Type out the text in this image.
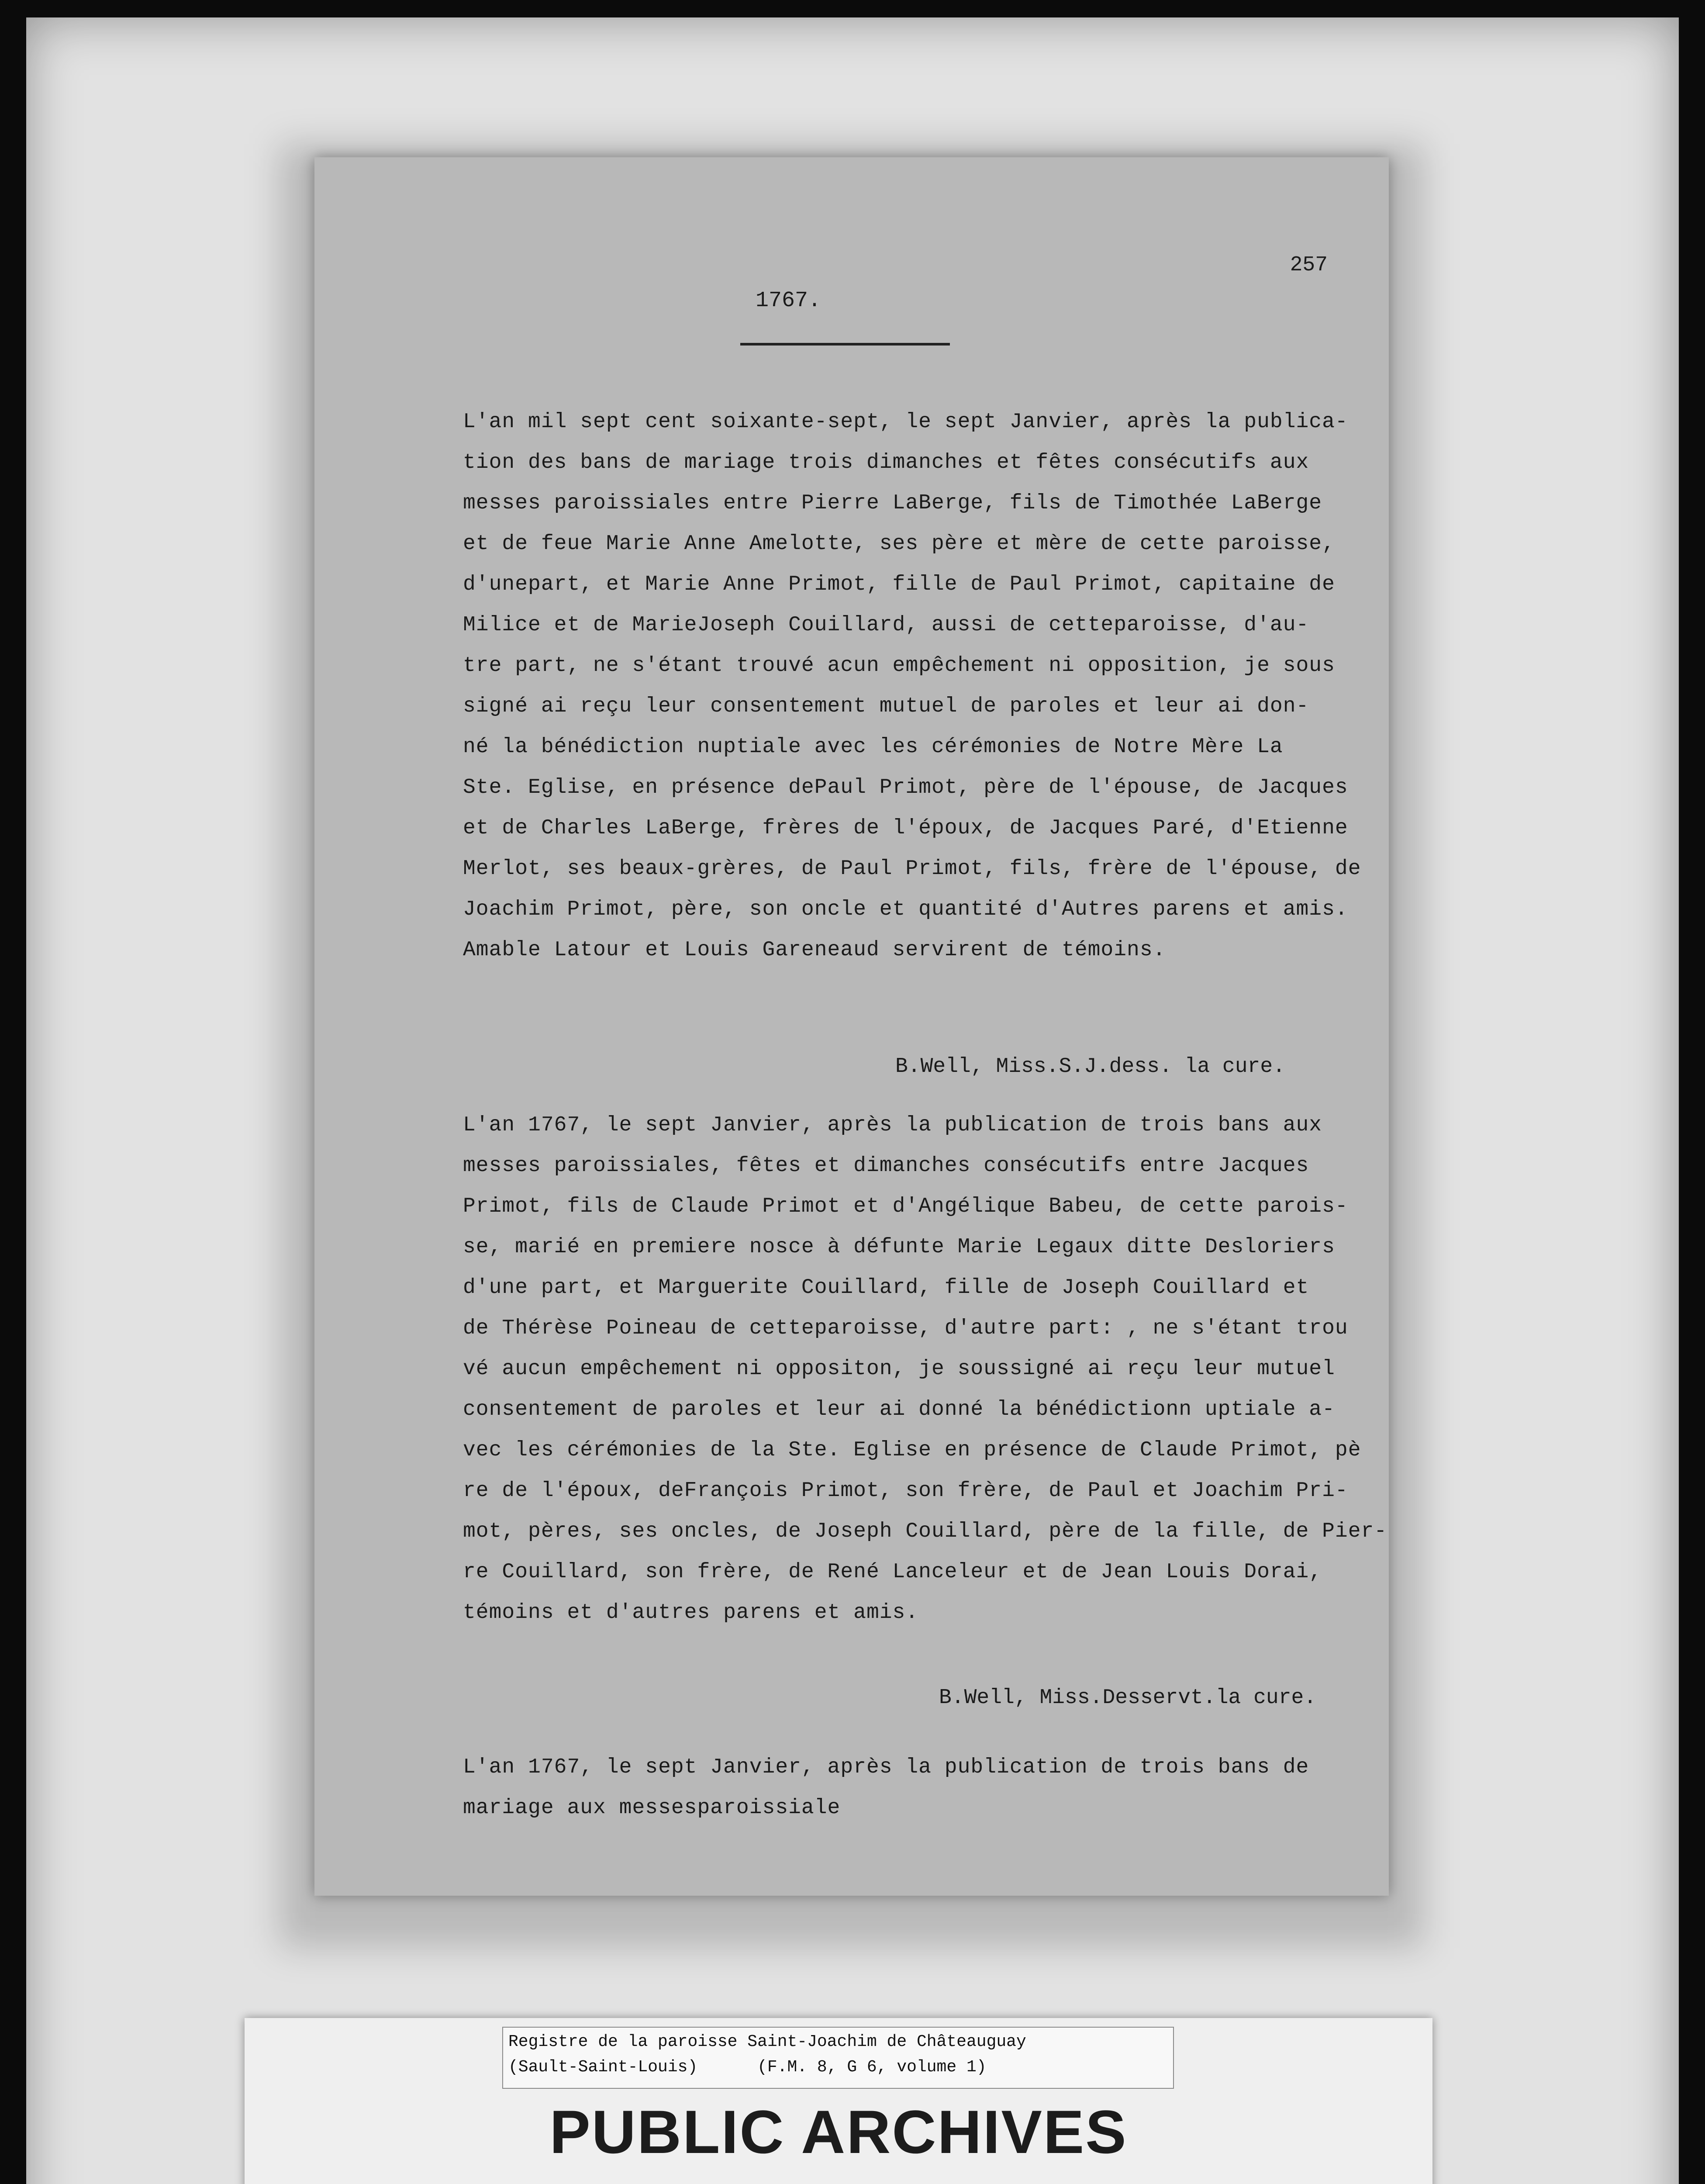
257
1767.
L'an mil sept cent soixante-sept, le sept Janvier, après la publica-
tion des bans de mariage trois dimanches et fêtes consécutifs aux
messes paroissiales entre Pierre LaBerge, fils de Timothée LaBerge
et de feue Marie Anne Amelotte, ses père et mère de cette paroisse,
d'unepart, et Marie Anne Primot, fille de Paul Primot, capitaine de
Milice et de MarieJoseph Couillard, aussi de cetteparoisse, d'au-
tre part, ne s'étant trouvé acun empêchement ni opposition, je sous
signé ai reçu leur consentement mutuel de paroles et leur ai don-
né la bénédiction nuptiale avec les cérémonies de Notre Mère La
Ste. Eglise, en présence dePaul Primot, père de l'épouse, de Jacques
et de Charles LaBerge, frères de l'époux, de Jacques Paré, d'Etienne
Merlot, ses beaux-grères, de Paul Primot, fils, frère de l'épouse, de
Joachim Primot, père, son oncle et quantité d'Autres parens et amis.
Amable Latour et Louis Gareneaud servirent de témoins.
B.Well, Miss.S.J.dess. la cure.
L'an 1767, le sept Janvier, après la publication de trois bans aux
messes paroissiales, fêtes et dimanches consécutifs entre Jacques
Primot, fils de Claude Primot et d'Angélique Babeu, de cette parois-
se, marié en premiere nosce à défunte Marie Legaux ditte Desloriers
d'une part, et Marguerite Couillard, fille de Joseph Couillard et
de Thérèse Poineau de cetteparoisse, d'autre part: , ne s'étant trou
vé aucun empêchement ni oppositon, je soussigné ai reçu leur mutuel
consentement de paroles et leur ai donné la bénédictionn uptiale a-
vec les cérémonies de la Ste. Eglise en présence de Claude Primot, pè
re de l'époux, deFrançois Primot, son frère, de Paul et Joachim Pri-
mot, pères, ses oncles, de Joseph Couillard, père de la fille, de Pier-
re Couillard, son frère, de René Lanceleur et de Jean Louis Dorai,
témoins et d'autres parens et amis.
B.Well, Miss.Desservt.la cure.
L'an 1767, le sept Janvier, après la publication de trois bans de
mariage aux messesparoissiale
Registre de la paroisse Saint-Joachim de Châteauguay
(Sault-Saint-Louis)      (F.M. 8, G 6, volume 1)
PUBLIC ARCHIVES
